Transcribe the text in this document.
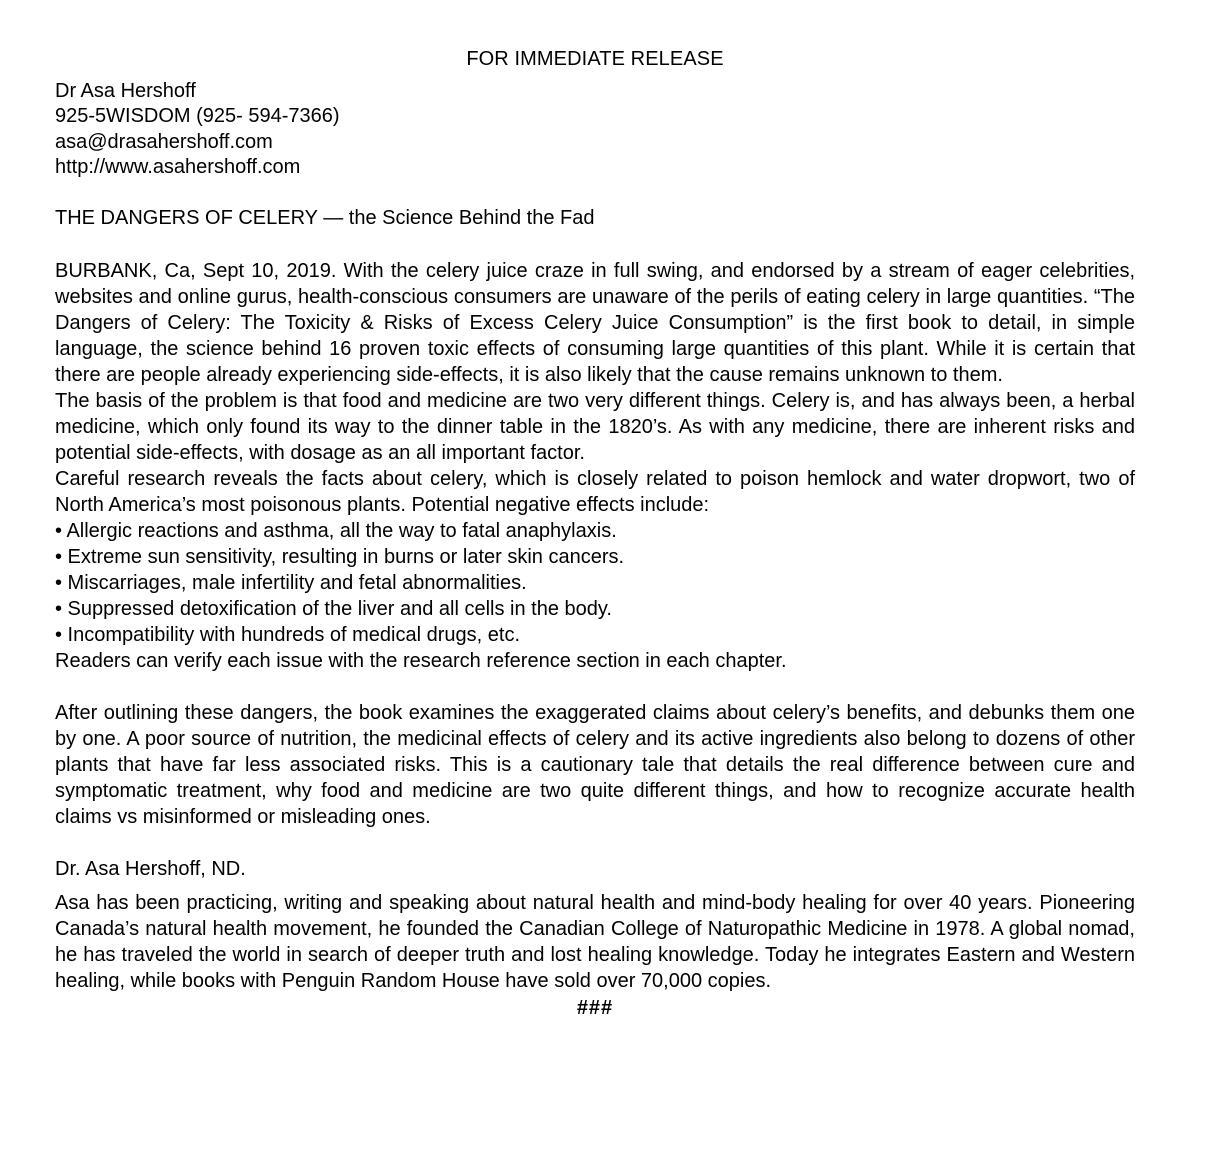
FOR IMMEDIATE RELEASE
Dr Asa Hershoff
925-5WISDOM (925- 594-7366)
asa@drasahershoff.com
http://www.asahershoff.com
THE DANGERS OF CELERY — the Science Behind the Fad

BURBANK, Ca, Sept 10, 2019. With the celery juice craze in full swing, and endorsed by a stream of eager celebrities, websites and online gurus, health-conscious consumers are unaware of the perils of eating celery in large quantities. “The Dangers of Celery: The Toxicity & Risks of Excess Celery Juice Consumption” is the first book to detail, in simple language, the science behind 16 proven toxic effects of consuming large quantities of this plant. While it is certain that there are people already experiencing side-effects, it is also likely that the cause remains unknown to them.

The basis of the problem is that food and medicine are two very different things. Celery is, and has always been, a herbal medicine, which only found its way to the dinner table in the 1820’s. As with any medicine, there are inherent risks and potential side-effects, with dosage as an all important factor.

Careful research reveals the facts about celery, which is closely related to poison hemlock and water dropwort, two of North America’s most poisonous plants. Potential negative effects include:

• Allergic reactions and asthma, all the way to fatal anaphylaxis.
• Extreme sun sensitivity, resulting in burns or later skin cancers.
• Miscarriages, male infertility and fetal abnormalities.
• Suppressed detoxification of the liver and all cells in the body.
• Incompatibility with hundreds of medical drugs, etc.

Readers can verify each issue with the research reference section in each chapter.

After outlining these dangers, the book examines the exaggerated claims about celery’s benefits, and debunks them one by one. A poor source of nutrition, the medicinal effects of celery and its active ingredients also belong to dozens of other plants that have far less associated risks. This is a cautionary tale that details the real difference between cure and symptomatic treatment, why food and medicine are two quite different things, and how to recognize accurate health claims vs misinformed or misleading ones.

Dr. Asa Hershoff, ND.

Asa has been practicing, writing and speaking about natural health and mind-body healing for over 40 years. Pioneering Canada’s natural health movement, he founded the Canadian College of Naturopathic Medicine in 1978. A global nomad, he has traveled the world in search of deeper truth and lost healing knowledge. Today he integrates Eastern and Western healing, while books with Penguin Random House have sold over 70,000 copies.

###
